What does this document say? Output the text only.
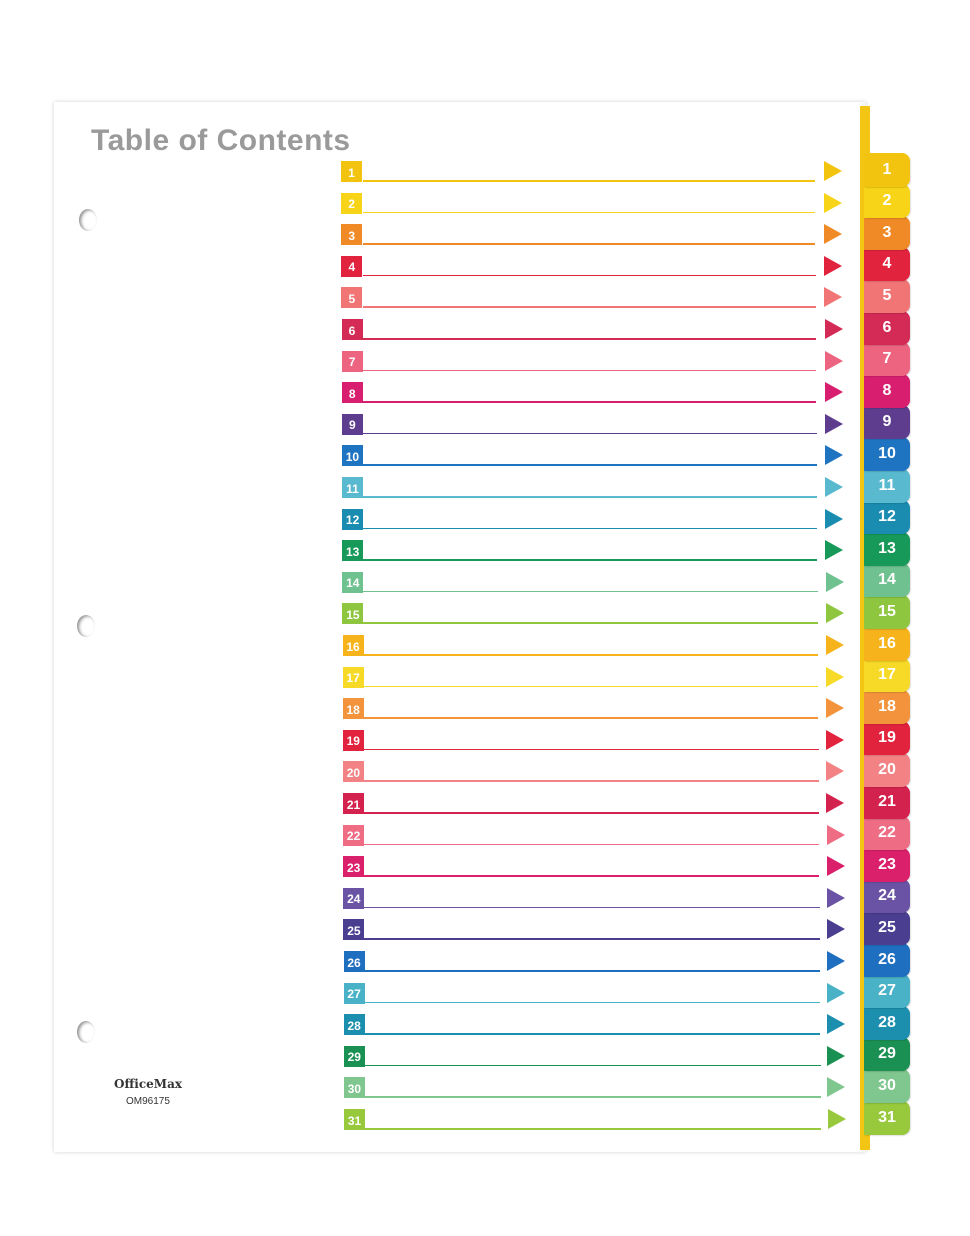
Table of Contents
1
2
3
4
5
6
7
8
9
10
11
12
13
14
15
16
17
18
19
20
21
22
23
24
25
26
27
28
29
30
31
1
2
3
4
5
6
7
8
9
10
11
12
13
14
15
16
17
18
19
20
21
22
23
24
25
26
27
28
29
30
31
OfficeMax
OM96175
